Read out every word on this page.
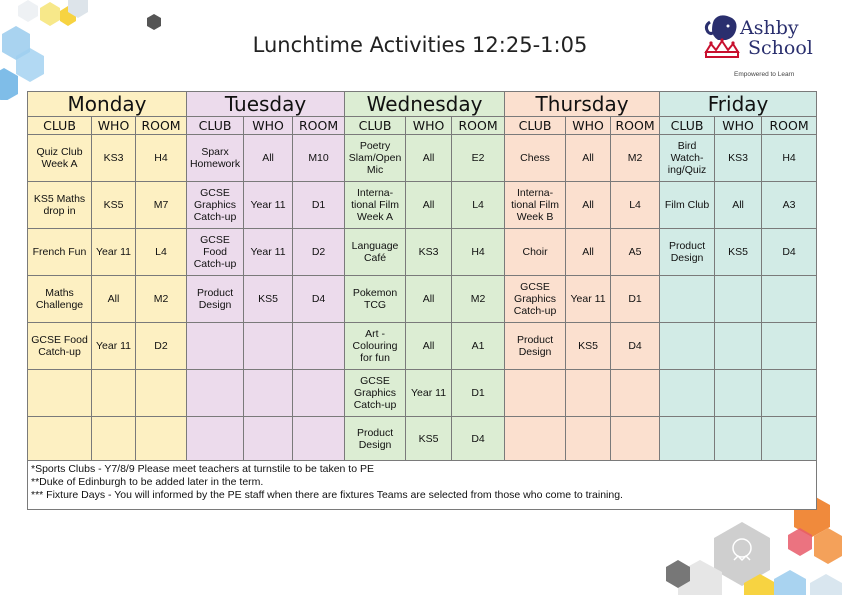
Lunchtime Activities 12:25-1:05
Ashby
School
Empowered to Learn
Monday			Tuesday			Wednesday			Thursday			Friday		
CLUB	WHO	ROOM	CLUB	WHO	ROOM	CLUB	WHO	ROOM	CLUB	WHO	ROOM	CLUB	WHO	ROOM
Quiz Club Week A	KS3	H4	Sparx Homework	All	M10	Poetry Slam/Open Mic	All	E2	Chess	All	M2	Bird Watch-ing/Quiz	KS3	H4
KS5 Maths drop in	KS5	M7	GCSE Graphics Catch-up	Year 11	D1	Interna-tional Film Week A	All	L4	Interna-tional Film Week B	All	L4	Film Club	All	A3
French Fun	Year 11	L4	GCSE Food Catch-up	Year 11	D2	Language Café	KS3	H4	Choir	All	A5	Product Design	KS5	D4
Maths Challenge	All	M2	Product Design	KS5	D4	Pokemon TCG	All	M2	GCSE Graphics Catch-up	Year 11	D1			
GCSE Food Catch-up	Year 11	D2				Art - Colouring for fun	All	A1	Product Design	KS5	D4			
						GCSE Graphics Catch-up	Year 11	D1						
						Product Design	KS5	D4						

*Sports Clubs - Y7/8/9 Please meet teachers at turnstile to be taken to PE
**Duke of Edinburgh to be added later in the term.
*** Fixture Days - You will informed by the PE staff when there are fixtures Teams are selected from those who come to training.														
